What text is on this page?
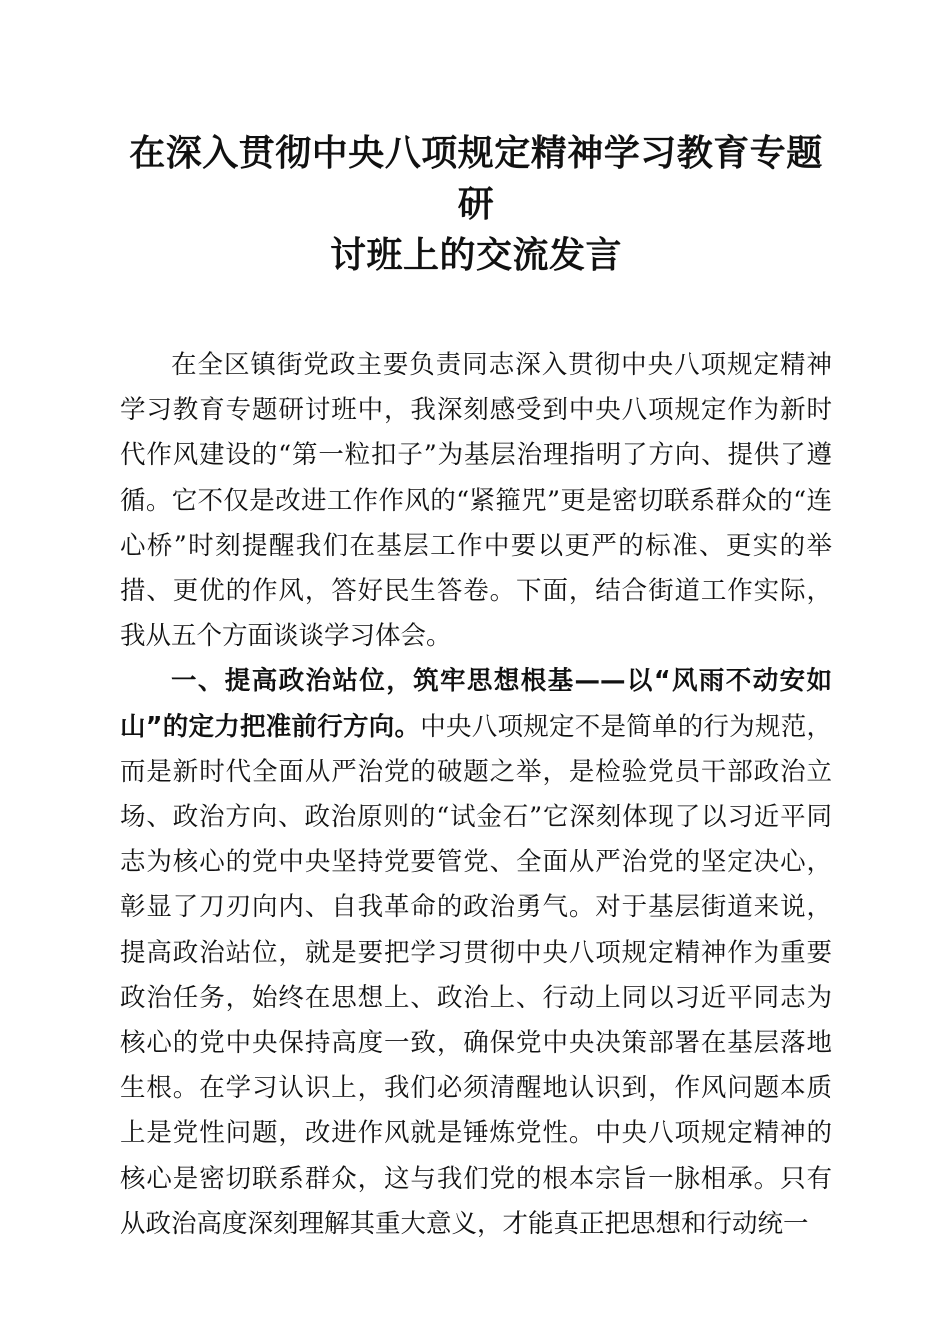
在深入贯彻中央八项规定精神学习教育专题研
讨班上的交流发言

在全区镇街党政主要负责同志深入贯彻中央八项规定精神学习教育专题研讨班中，我深刻感受到中央八项规定作为新时代作风建设的“第一粒扣子”为基层治理指明了方向、提供了遵循。它不仅是改进工作作风的“紧箍咒”更是密切联系群众的“连心桥”时刻提醒我们在基层工作中要以更严的标准、更实的举措、更优的作风，答好民生答卷。下面，结合街道工作实际，我从五个方面谈谈学习体会。

一、提高政治站位，筑牢思想根基——以“风雨不动安如山”的定力把准前行方向。中央八项规定不是简单的行为规范，而是新时代全面从严治党的破题之举，是检验党员干部政治立场、政治方向、政治原则的“试金石”它深刻体现了以习近平同志为核心的党中央坚持党要管党、全面从严治党的坚定决心，彰显了刀刃向内、自我革命的政治勇气。对于基层街道来说，提高政治站位，就是要把学习贯彻中央八项规定精神作为重要政治任务，始终在思想上、政治上、行动上同以习近平同志为核心的党中央保持高度一致，确保党中央决策部署在基层落地生根。在学习认识上，我们必须清醒地认识到，作风问题本质上是党性问题，改进作风就是锤炼党性。中央八项规定精神的核心是密切联系群众，这与我们党的根本宗旨一脉相承。只有从政治高度深刻理解其重大意义，才能真正把思想和行动统一
